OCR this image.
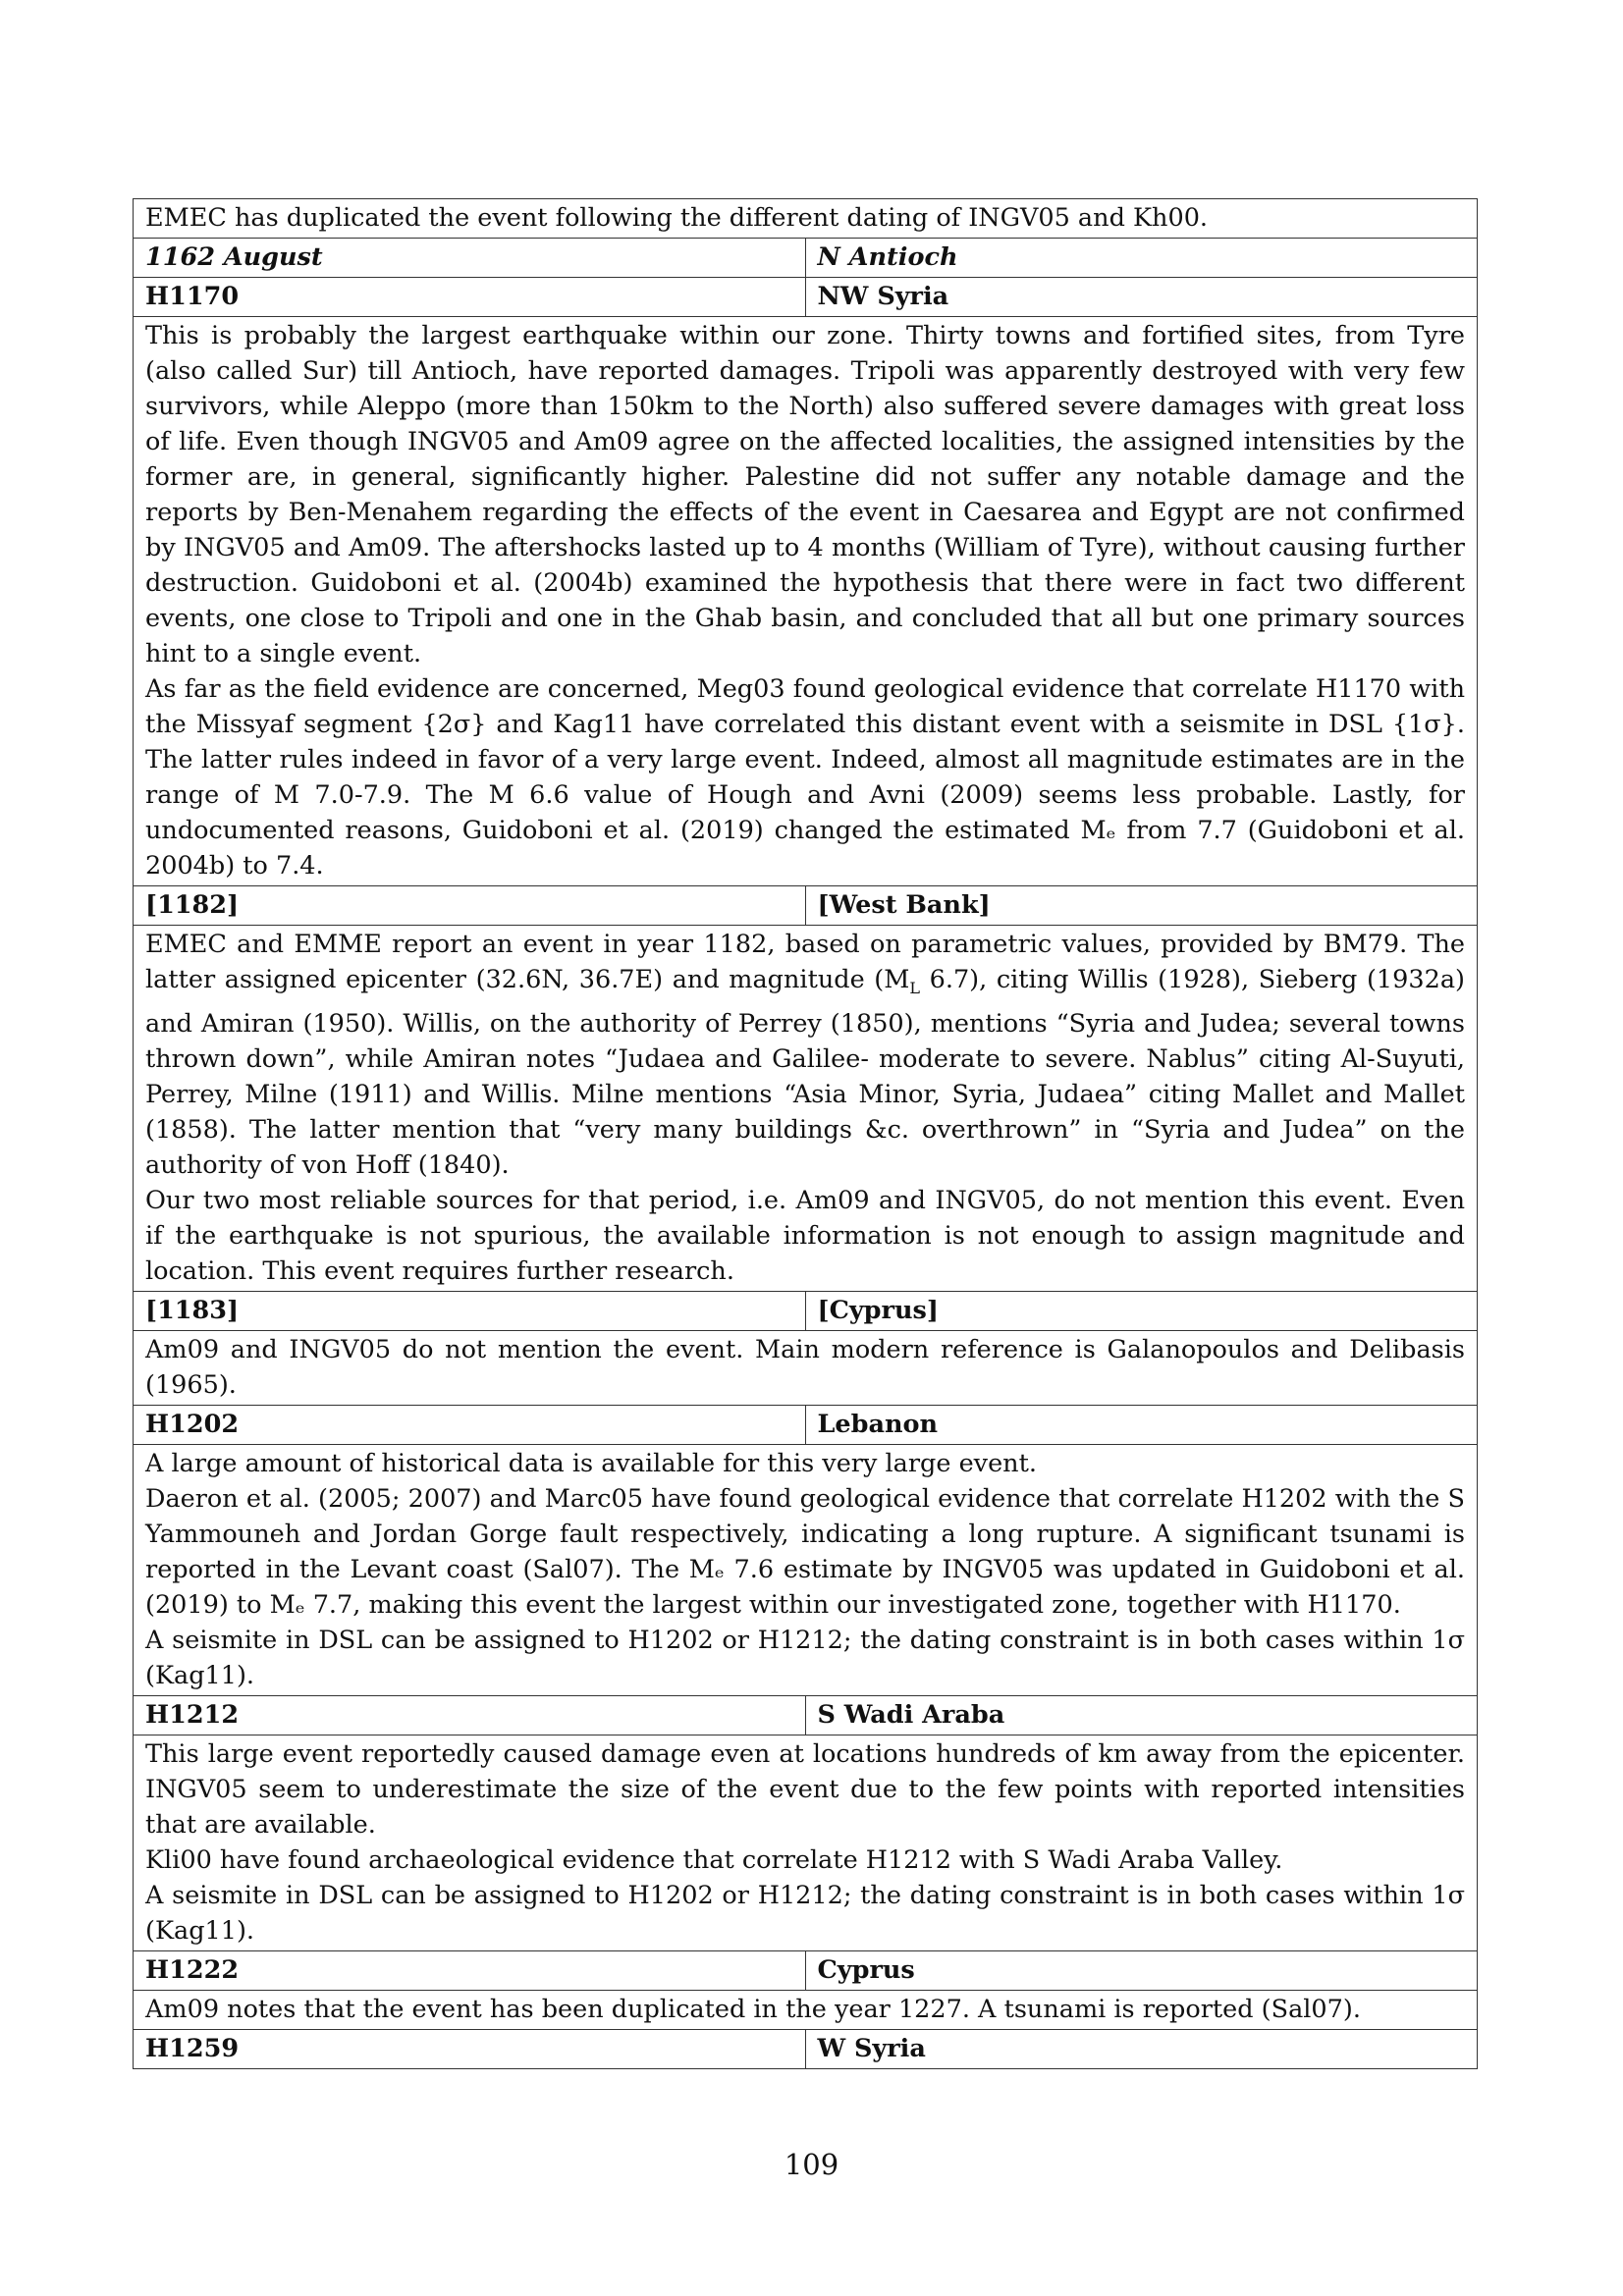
EMEC has duplicated the event following the different dating of INGV05 and Kh00.	
1162 August	N Antioch
H1170	NW Syria

This is probably the largest earthquake within our zone. Thirty towns and fortified sites, from Tyre (also called Sur) till Antioch, have reported damages. Tripoli was apparently destroyed with very few survivors, while Aleppo (more than 150km to the North) also suffered severe damages with great loss of life. Even though INGV05 and Am09 agree on the affected localities, the assigned intensities by the former are, in general, significantly higher. Palestine did not suffer any notable damage and the reports by Ben-Menahem regarding the effects of the event in Caesarea and Egypt are not confirmed by INGV05 and Am09. The aftershocks lasted up to 4 months (William of Tyre), without causing further destruction. Guidoboni et al. (2004b) examined the hypothesis that there were in fact two different events, one close to Tripoli and one in the Ghab basin, and concluded that all but one primary sources hint to a single event.

As far as the field evidence are concerned, Meg03 found geological evidence that correlate H1170 with the Missyaf segment {2σ} and Kag11 have correlated this distant event with a seismite in DSL {1σ}. The latter rules indeed in favor of a very large event. Indeed, almost all magnitude estimates are in the range of M 7.0-7.9. The M 6.6 value of Hough and Avni (2009) seems less probable. Lastly, for undocumented reasons, Guidoboni et al. (2019) changed the estimated Mₑ from 7.7 (Guidoboni et al. 2004b) to 7.4.	

[1182]	[West Bank]

EMEC and EMME report an event in year 1182, based on parametric values, provided by BM79. The latter assigned epicenter (32.6N, 36.7E) and magnitude ($M_L$ 6.7), citing Willis (1928), Sieberg (1932a) and Amiran (1950). Willis, on the authority of Perrey (1850), mentions “Syria and Judea; several towns thrown down”, while Amiran notes “Judaea and Galilee- moderate to severe. Nablus” citing Al-Suyuti, Perrey, Milne (1911) and Willis. Milne mentions “Asia Minor, Syria, Judaea” citing Mallet and Mallet (1858). The latter mention that “very many buildings &c. overthrown” in “Syria and Judea” on the authority of von Hoff (1840).

Our two most reliable sources for that period, i.e. Am09 and INGV05, do not mention this event. Even if the earthquake is not spurious, the available information is not enough to assign magnitude and location. This event requires further research.	

[1183]	[Cyprus]

Am09 and INGV05 do not mention the event. Main modern reference is Galanopoulos and Delibasis (1965).	

H1202	Lebanon

A large amount of historical data is available for this very large event.

Daeron et al. (2005; 2007) and Marc05 have found geological evidence that correlate H1202 with the S Yammouneh and Jordan Gorge fault respectively, indicating a long rupture. A significant tsunami is reported in the Levant coast (Sal07). The Mₑ 7.6 estimate by INGV05 was updated in Guidoboni et al. (2019) to Mₑ 7.7, making this event the largest within our investigated zone, together with H1170.

A seismite in DSL can be assigned to H1202 or H1212; the dating constraint is in both cases within 1σ (Kag11).	

H1212	S Wadi Araba

This large event reportedly caused damage even at locations hundreds of km away from the epicenter. INGV05 seem to underestimate the size of the event due to the few points with reported intensities that are available.

Kli00 have found archaeological evidence that correlate H1212 with S Wadi Araba Valley.

A seismite in DSL can be assigned to H1202 or H1212; the dating constraint is in both cases within 1σ (Kag11).	

H1222	Cyprus

Am09 notes that the event has been duplicated in the year 1227. A tsunami is reported (Sal07).	

H1259	W Syria
109
